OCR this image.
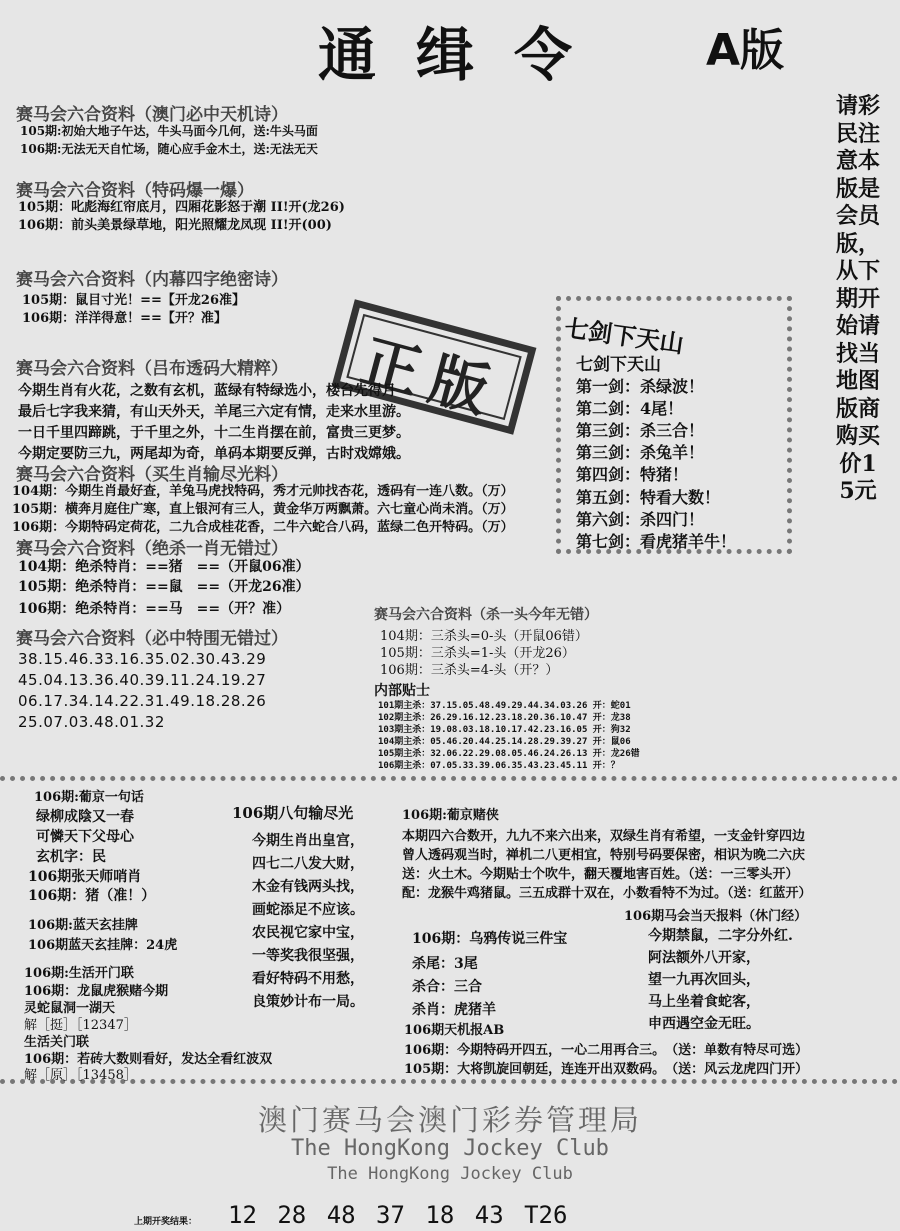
通缉令 A版
请彩民注意本版是会员版，从下期开始请找当地图版商购买价15元
正版
赛马会六合资料（澳门必中天机诗）
105期:初始大地子午达，牛头马面今几何，送:牛头马面
106期:无法无天自忙场，随心应手金木土，送:无法无天
赛马会六合资料（特码爆一爆）
105期：叱彪海红帘底月，四厢花影怒于潮 II!开(龙26)
106期：前头美景绿草地，阳光照耀龙凤现 II!开(00)
赛马会六合资料（内幕四字绝密诗）
105期：鼠目寸光！==【开龙26准】
106期：洋洋得意！==【开？准】
赛马会六合资料（吕布透码大精粹）
今期生肖有火花，之数有玄机，蓝绿有特绿选小，楼台先得月
最后七字我来猜，有山天外天，羊尾三六定有情，走来水里游。
一日千里四蹄跳，于千里之外，十二生肖摆在前，富贵三更梦。
今期定要防三九，两尾却为奇，单码本期要反弹，古时戏嫦娥。
赛马会六合资料（买生肖输尽光料）
104期：今期生肖最好查，羊兔马虎找特码，秀才元帅找杏花，透码有一连八数。（万）
105期：横奔月庭住广寒，直上银河有三人，黄金华万两飘萧。六七童心尚未消。（万）
106期：今期特码定荷花，二九合成桂花香，二牛六蛇合八码，蓝绿二色开特码。（万）
赛马会六合资料（绝杀一肖无错过）
104期：绝杀特肖：==猪　==（开鼠06准）
105期：绝杀特肖：==鼠　==（开龙26准）
106期：绝杀特肖：==马　==（开？准）
赛马会六合资料（必中特围无错过）
38.15.46.33.16.35.02.30.43.29
45.04.13.36.40.39.11.24.19.27
06.17.34.14.22.31.49.18.28.26
25.07.03.48.01.32
七剑下天山
七剑下天山
第一剑：杀绿波！
第二剑：4尾！
第三剑：杀三合！
第三剑：杀兔羊！
第四剑：特猪！
第五剑：特看大数！
第六剑：杀四门！
第七剑：看虎猪羊牛！
赛马会六合资料（杀一头今年无错）
104期：三杀头=0-头（开鼠06错）
105期：三杀头=1-头（开龙26）
106期：三杀头=4-头（开？）
内部贴士
101期主杀：37.15.05.48.49.29.44.34.03.26 开：蛇01
102期主杀：26.29.16.12.23.18.20.36.10.47 开：龙38
103期主杀：19.08.03.18.10.17.42.23.16.05 开：狗32
104期主杀：05.46.20.44.25.14.28.29.39.27 开：鼠06
105期主杀：32.06.22.29.08.05.46.24.26.13 开：龙26错
106期主杀：07.05.33.39.06.35.43.23.45.11 开：？
106期:葡京一句话
绿柳成陰又一春
可憐天下父母心
玄机字：民
106期张天师哨肖
106期：猪（准！）
106期:蓝天玄挂牌
106期蓝天玄挂牌：24虎
106期:生活开门联
106期：龙鼠虎猴赌今期
灵蛇鼠洞一湖天
解［挺］［12347］
生活关门联
106期：若砖大数则看好，发达全看红波双
解［原］［13458］
106期八句输尽光
今期生肖出皇宫，
四七二八发大财，
木金有钱两头找，
画蛇添足不应该。
农民视它家中宝，
一等奖我很坚强，
看好特码不用愁，
良策妙计布一局。
106期:葡京赌侠
本期四六合数开，九九不来六出来，双绿生肖有希望，一支金针穿四边
曾人透码观当时，禅机二八更相宜，特别号码要保密，相识为晚二六庆
送：火土木。今期贴士个吹牛，翻天覆地害百姓。（送：一三零头开）
配：龙猴牛鸡猪鼠。三五成群十双在，小数看特不为过。（送：红蓝开）
106期马会当天报料（休门经）
今期禁鼠，二字分外红.
阿法额外八开家，
望一九再次回头，
马上坐着食蛇客，
申西遇空金无旺。
106期：乌鸦传说三件宝
杀尾：3尾
杀合：三合
杀肖：虎猪羊
106期天机报AB
106期：今期特码开四五，一心二用再合三。　（送：单数有特尽可选）
105期：大将凯旋回朝廷，连连开出双数码。　（送：风云龙虎四门开）
澳门赛马会澳门彩券管理局
The HongKong Jockey Club
The HongKong Jockey Club
上期开奖结果： 12 28 48 37 18 43 T26
